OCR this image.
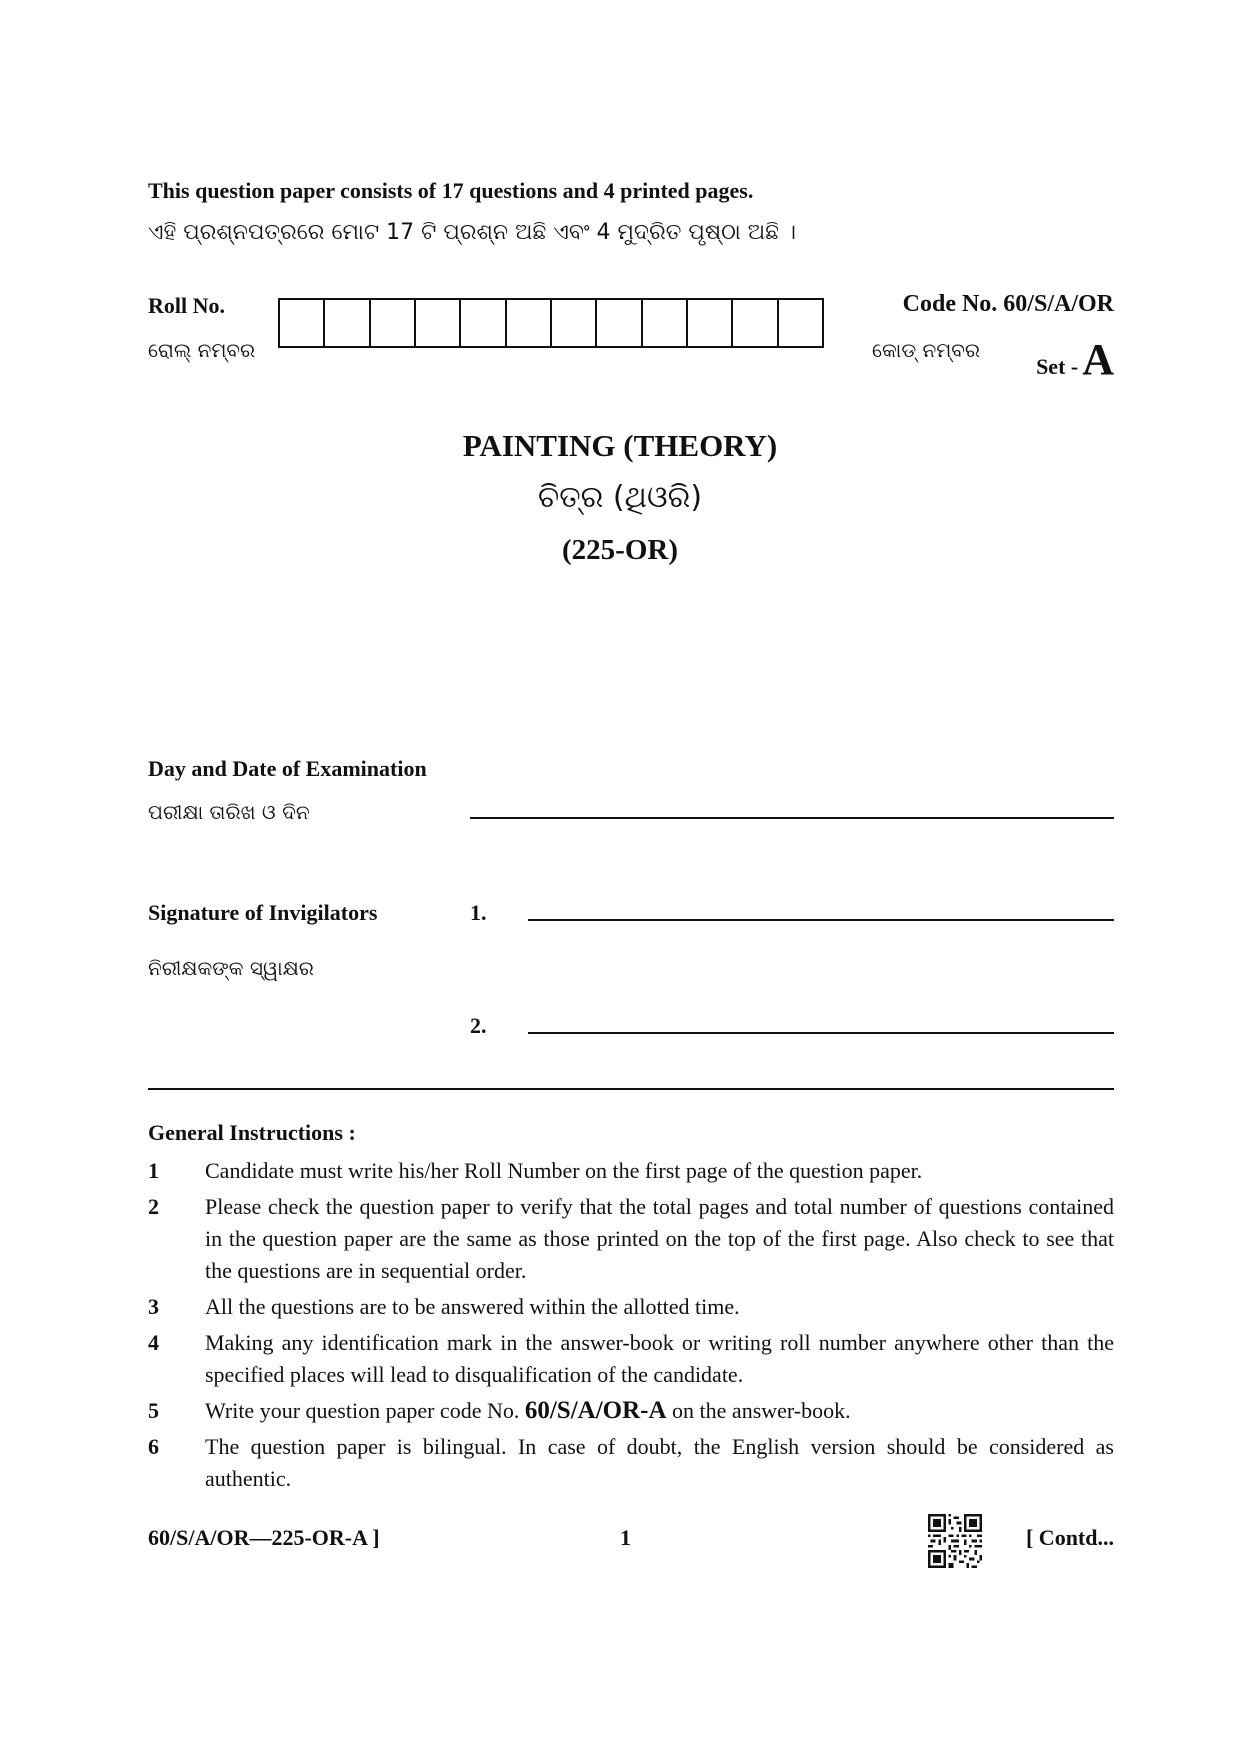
This question paper consists of 17 questions and 4 printed pages.
ଏହି ପ୍ରଶ୍ନପତ୍ରରେ ମୋଟ 17 ଟି ପ୍ରଶ୍ନ ଅଛି ଏବଂ 4 ମୁଦ୍ରିତ ପୃଷ୍ଠା ଅଛି ।
Roll No.
ରୋଲ୍ ନମ୍ବର
Code No. 60/S/A/OR
କୋଡ୍ ନମ୍ବର
Set - A
PAINTING (THEORY)
ଚିତ୍ର (ଥିଓରି)
(225-OR)
Day and Date of Examination
ପରୀକ୍ଷା ତାରିଖ ଓ ଦିନ
Signature of Invigilators
ନିରୀକ୍ଷକଙ୍କ ସ୍ୱାକ୍ଷର
1.
2.
General Instructions :
1	Candidate must write his/her Roll Number on the first page of the question paper.
2	Please check the question paper to verify that the total pages and total number of questions contained in the question paper are the same as those printed on the top of the first page. Also check to see that the questions are in sequential order.
3	All the questions are to be answered within the allotted time.
4	Making any identification mark in the answer-book or writing roll number anywhere other than the specified places will lead to disqualification of the candidate.
5	Write your question paper code No. 60/S/A/OR-A on the answer-book.
6	The question paper is bilingual. In case of doubt, the English version should be considered as authentic.
60/S/A/OR—225-OR-A ]	1	[ Contd...
